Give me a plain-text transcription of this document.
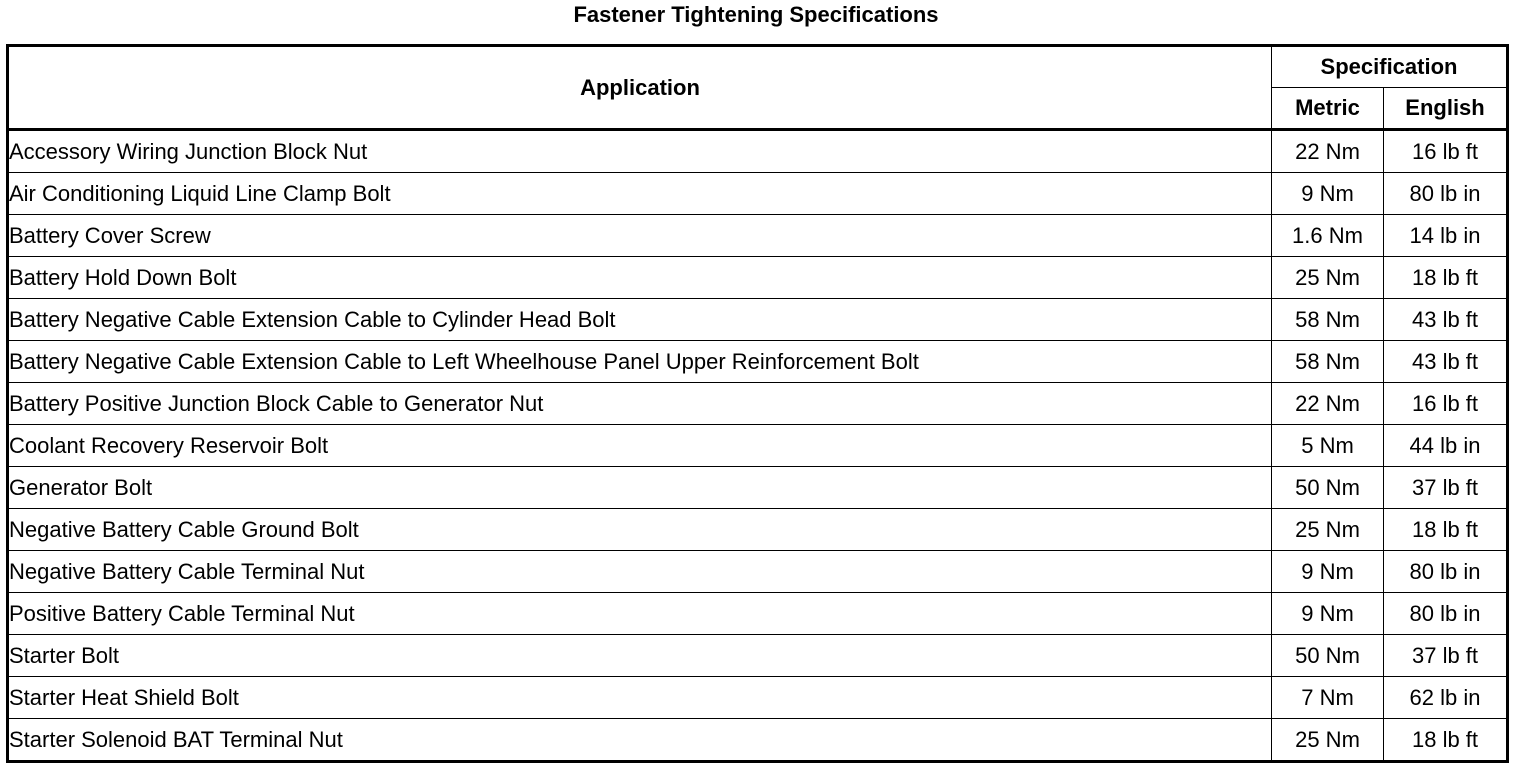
Fastener Tightening Specifications
Application	Specification	
	Metric	English
Accessory Wiring Junction Block Nut	22 Nm	16 lb ft
Air Conditioning Liquid Line Clamp Bolt	9 Nm	80 lb in
Battery Cover Screw	1.6 Nm	14 lb in
Battery Hold Down Bolt	25 Nm	18 lb ft
Battery Negative Cable Extension Cable to Cylinder Head Bolt	58 Nm	43 lb ft
Battery Negative Cable Extension Cable to Left Wheelhouse Panel Upper Reinforcement Bolt	58 Nm	43 lb ft
Battery Positive Junction Block Cable to Generator Nut	22 Nm	16 lb ft
Coolant Recovery Reservoir Bolt	5 Nm	44 lb in
Generator Bolt	50 Nm	37 lb ft
Negative Battery Cable Ground Bolt	25 Nm	18 lb ft
Negative Battery Cable Terminal Nut	9 Nm	80 lb in
Positive Battery Cable Terminal Nut	9 Nm	80 lb in
Starter Bolt	50 Nm	37 lb ft
Starter Heat Shield Bolt	7 Nm	62 lb in
Starter Solenoid BAT Terminal Nut	25 Nm	18 lb ft
